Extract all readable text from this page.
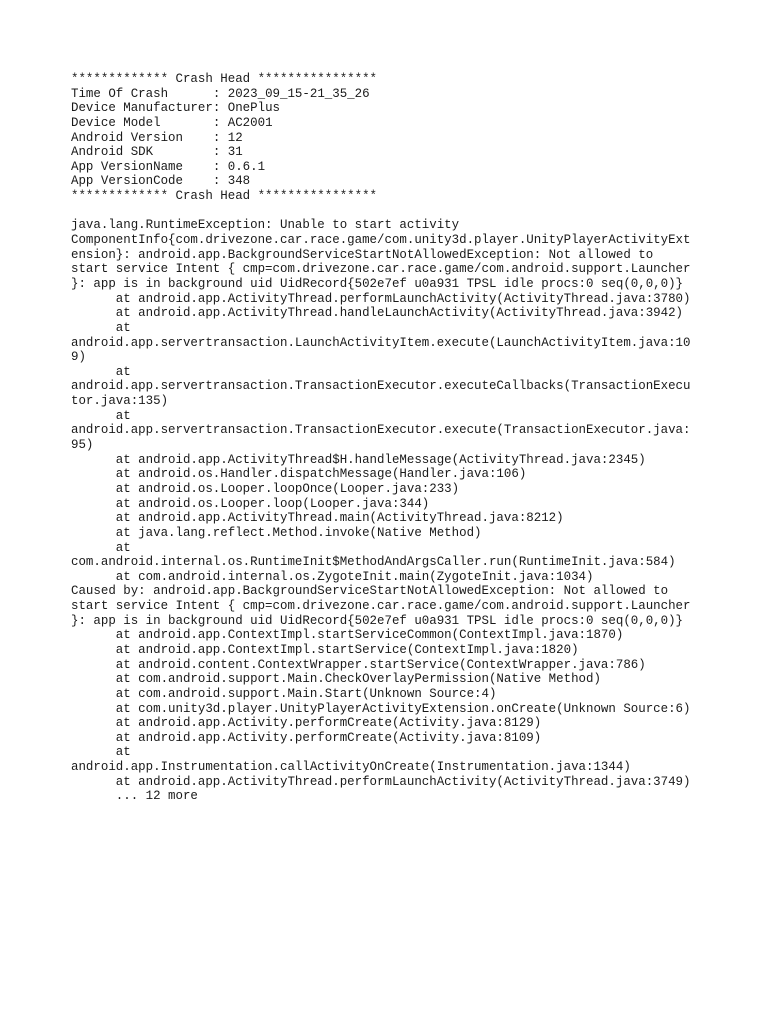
************* Crash Head ****************
Time Of Crash      : 2023_09_15-21_35_26
Device Manufacturer: OnePlus
Device Model       : AC2001
Android Version    : 12
Android SDK        : 31
App VersionName    : 0.6.1
App VersionCode    : 348
************* Crash Head ****************
java.lang.RuntimeException: Unable to start activity
ComponentInfo{com.drivezone.car.race.game/com.unity3d.player.UnityPlayerActivityExt
ension}: android.app.BackgroundServiceStartNotAllowedException: Not allowed to
start service Intent { cmp=com.drivezone.car.race.game/com.android.support.Launcher
}: app is in background uid UidRecord{502e7ef u0a931 TPSL idle procs:0 seq(0,0,0)}
at android.app.ActivityThread.performLaunchActivity(ActivityThread.java:3780)
at android.app.ActivityThread.handleLaunchActivity(ActivityThread.java:3942)
at
android.app.servertransaction.LaunchActivityItem.execute(LaunchActivityItem.java:10
9)
at
android.app.servertransaction.TransactionExecutor.executeCallbacks(TransactionExecu
tor.java:135)
at
android.app.servertransaction.TransactionExecutor.execute(TransactionExecutor.java:
95)
at android.app.ActivityThread$H.handleMessage(ActivityThread.java:2345)
at android.os.Handler.dispatchMessage(Handler.java:106)
at android.os.Looper.loopOnce(Looper.java:233)
at android.os.Looper.loop(Looper.java:344)
at android.app.ActivityThread.main(ActivityThread.java:8212)
at java.lang.reflect.Method.invoke(Native Method)
at
com.android.internal.os.RuntimeInit$MethodAndArgsCaller.run(RuntimeInit.java:584)
at com.android.internal.os.ZygoteInit.main(ZygoteInit.java:1034)
Caused by: android.app.BackgroundServiceStartNotAllowedException: Not allowed to
start service Intent { cmp=com.drivezone.car.race.game/com.android.support.Launcher
}: app is in background uid UidRecord{502e7ef u0a931 TPSL idle procs:0 seq(0,0,0)}
at android.app.ContextImpl.startServiceCommon(ContextImpl.java:1870)
at android.app.ContextImpl.startService(ContextImpl.java:1820)
at android.content.ContextWrapper.startService(ContextWrapper.java:786)
at com.android.support.Main.CheckOverlayPermission(Native Method)
at com.android.support.Main.Start(Unknown Source:4)
at com.unity3d.player.UnityPlayerActivityExtension.onCreate(Unknown Source:6)
at android.app.Activity.performCreate(Activity.java:8129)
at android.app.Activity.performCreate(Activity.java:8109)
at
android.app.Instrumentation.callActivityOnCreate(Instrumentation.java:1344)
at android.app.ActivityThread.performLaunchActivity(ActivityThread.java:3749)
... 12 more
